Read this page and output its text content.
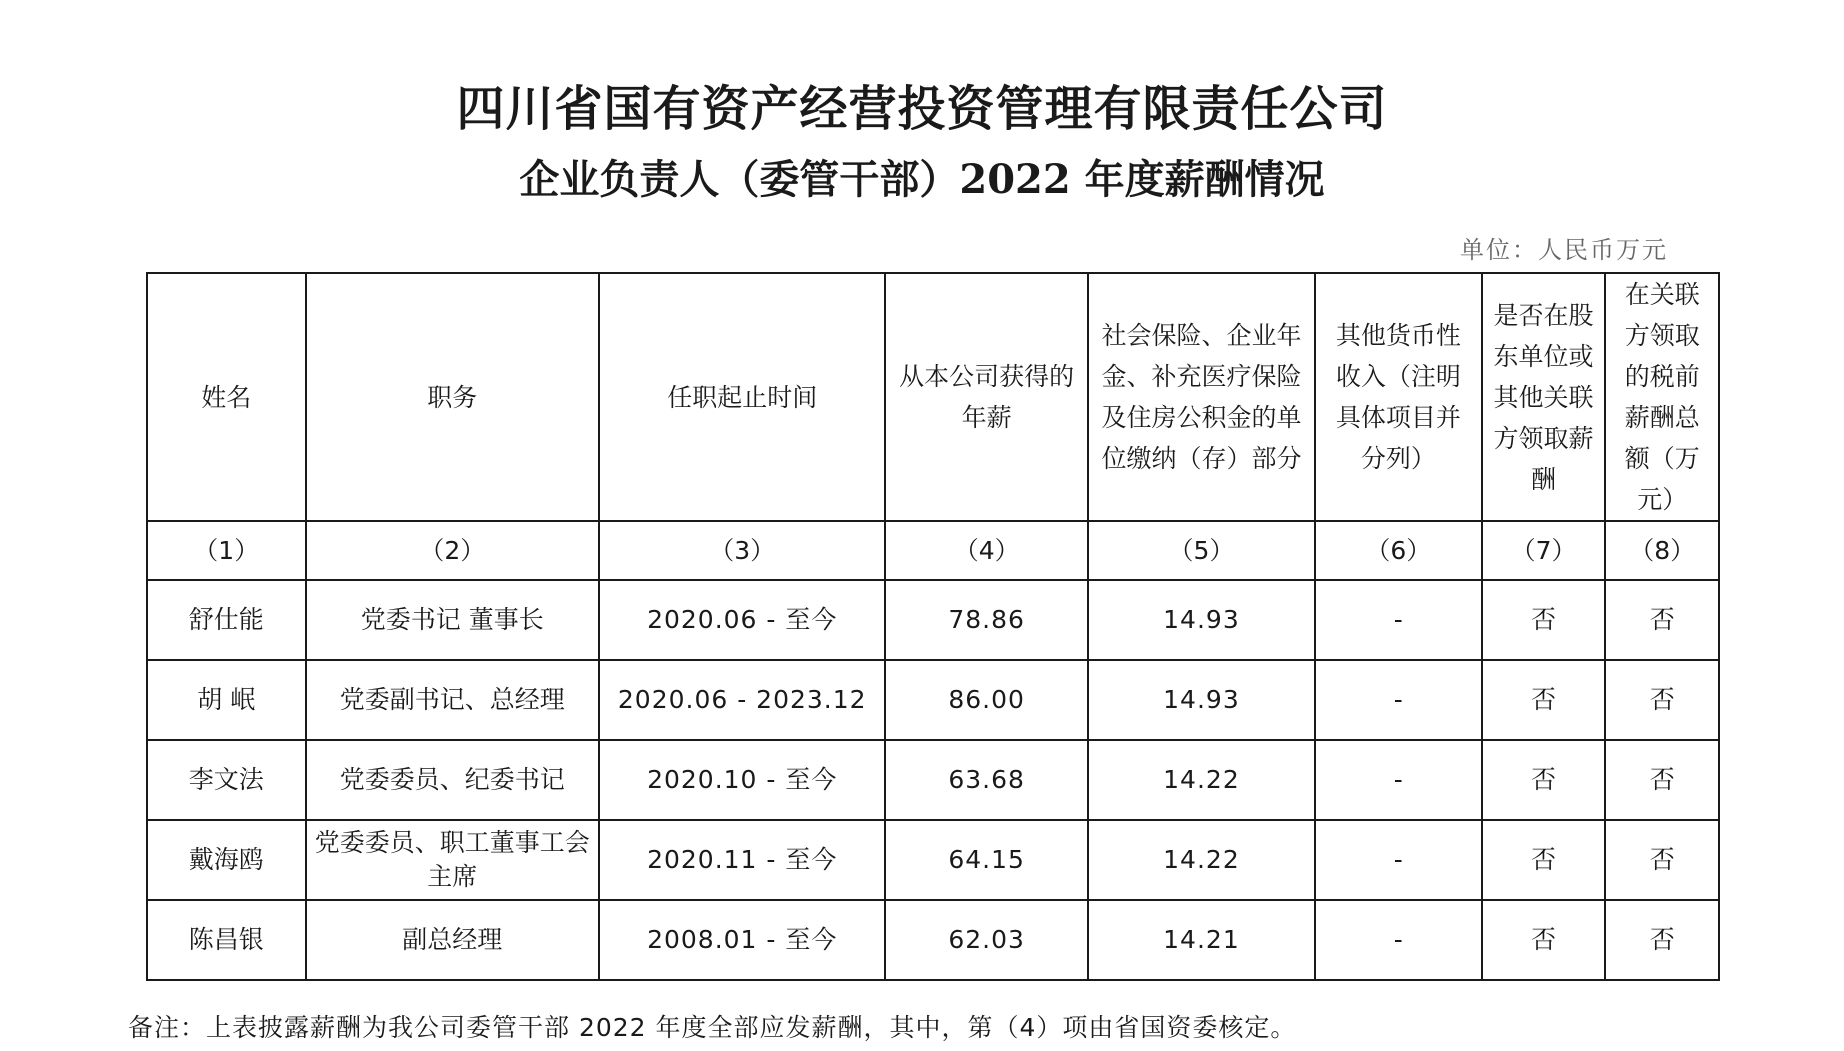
四川省国有资产经营投资管理有限责任公司
企业负责人（委管干部）2022 年度薪酬情况
单位：人民币万元
姓名	职务	任职起止时间	从本公司获得的年薪	社会保险、企业年金、补充医疗保险及住房公积金的单位缴纳（存）部分	其他货币性收入（注明具体项目并分列）	是否在股东单位或其他关联方领取薪酬	在关联方领取的税前薪酬总额（万元）
（1）	（2）	（3）	（4）	（5）	（6）	（7）	（8）
舒仕能	党委书记 董事长	2020.06 - 至今	78.86	14.93	-	否	否
胡 岷	党委副书记、总经理	2020.06 - 2023.12	86.00	14.93	-	否	否
李文法	党委委员、纪委书记	2020.10 - 至今	63.68	14.22	-	否	否
戴海鸥	党委委员、职工董事工会主席	2020.11 - 至今	64.15	14.22	-	否	否
陈昌银	副总经理	2008.01 - 至今	62.03	14.21	-	否	否
备注：上表披露薪酬为我公司委管干部 2022 年度全部应发薪酬，其中，第（4）项由省国资委核定。
